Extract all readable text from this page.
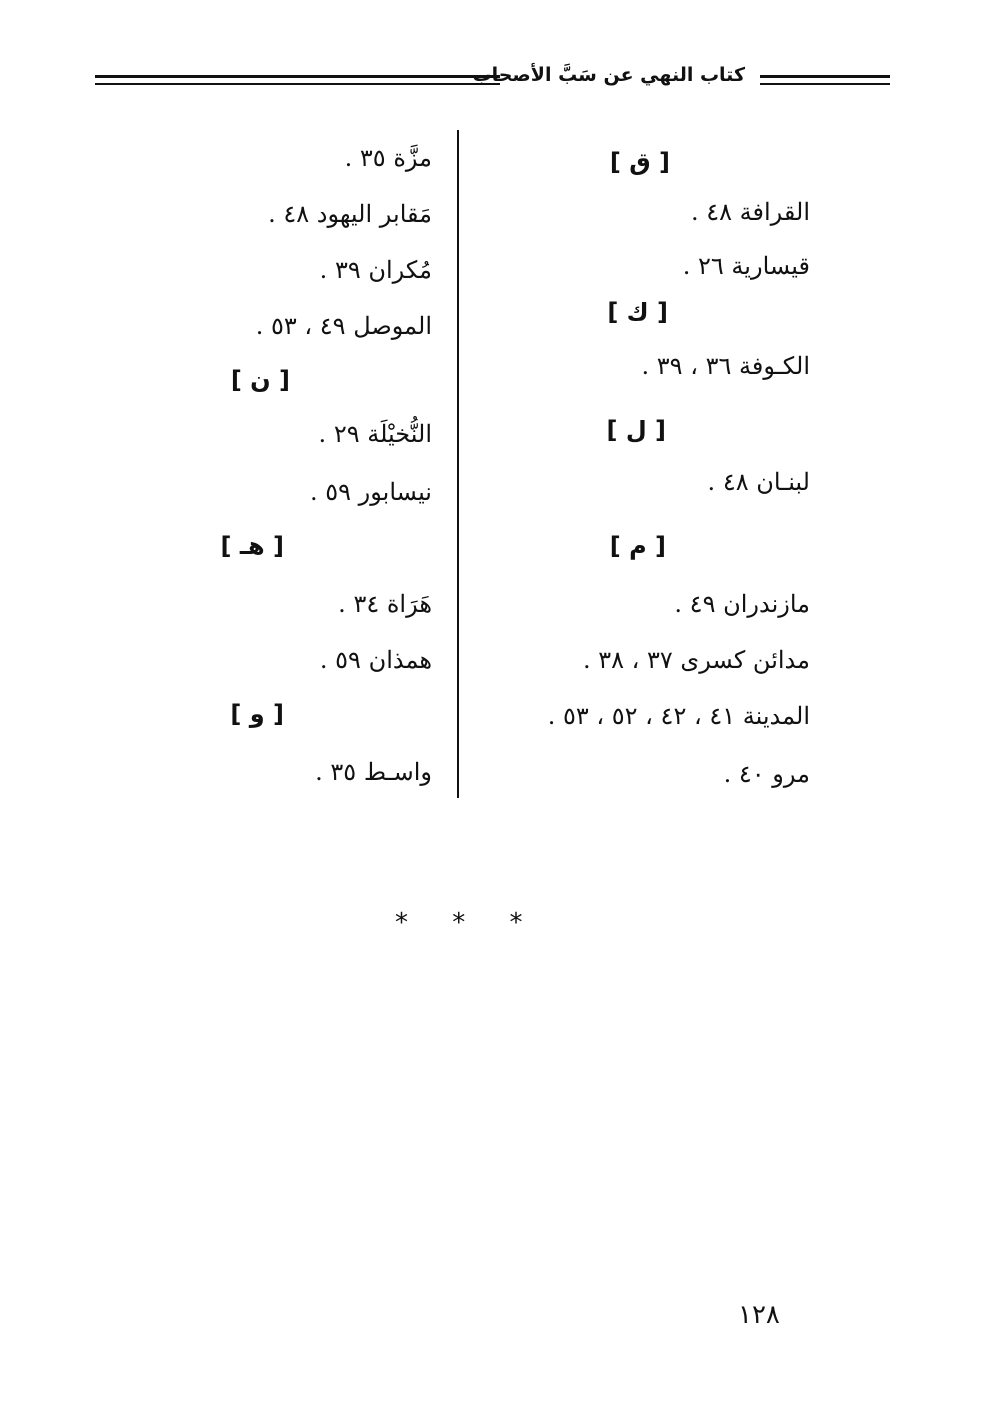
كتاب النهي عن سَبَّ الأصحاب
[ ق ]
القرافة ٤٨ .
قيسارية ٢٦ .
[ ك ]
الكـوفة ٣٦ ، ٣٩ .
[ ل ]
لبنـان ٤٨ .
[ م ]
مازندران ٤٩ .
مدائن كسرى ٣٧ ، ٣٨ .
المدينة ٤١ ، ٤٢ ، ٥٢ ، ٥٣ .
مرو ٤٠ .
مزَّة ٣٥ .
مَقابر اليهود ٤٨ .
مُكران ٣٩ .
الموصل ٤٩ ، ٥٣ .
[ ن ]
النُّخيْلَة ٢٩ .
نيسابور ٥٩ .
[ هـ ]
هَرَاة ٣٤ .
همذان ٥٩ .
[ و ]
واسـط ٣٥ .
* * *
١٢٨
